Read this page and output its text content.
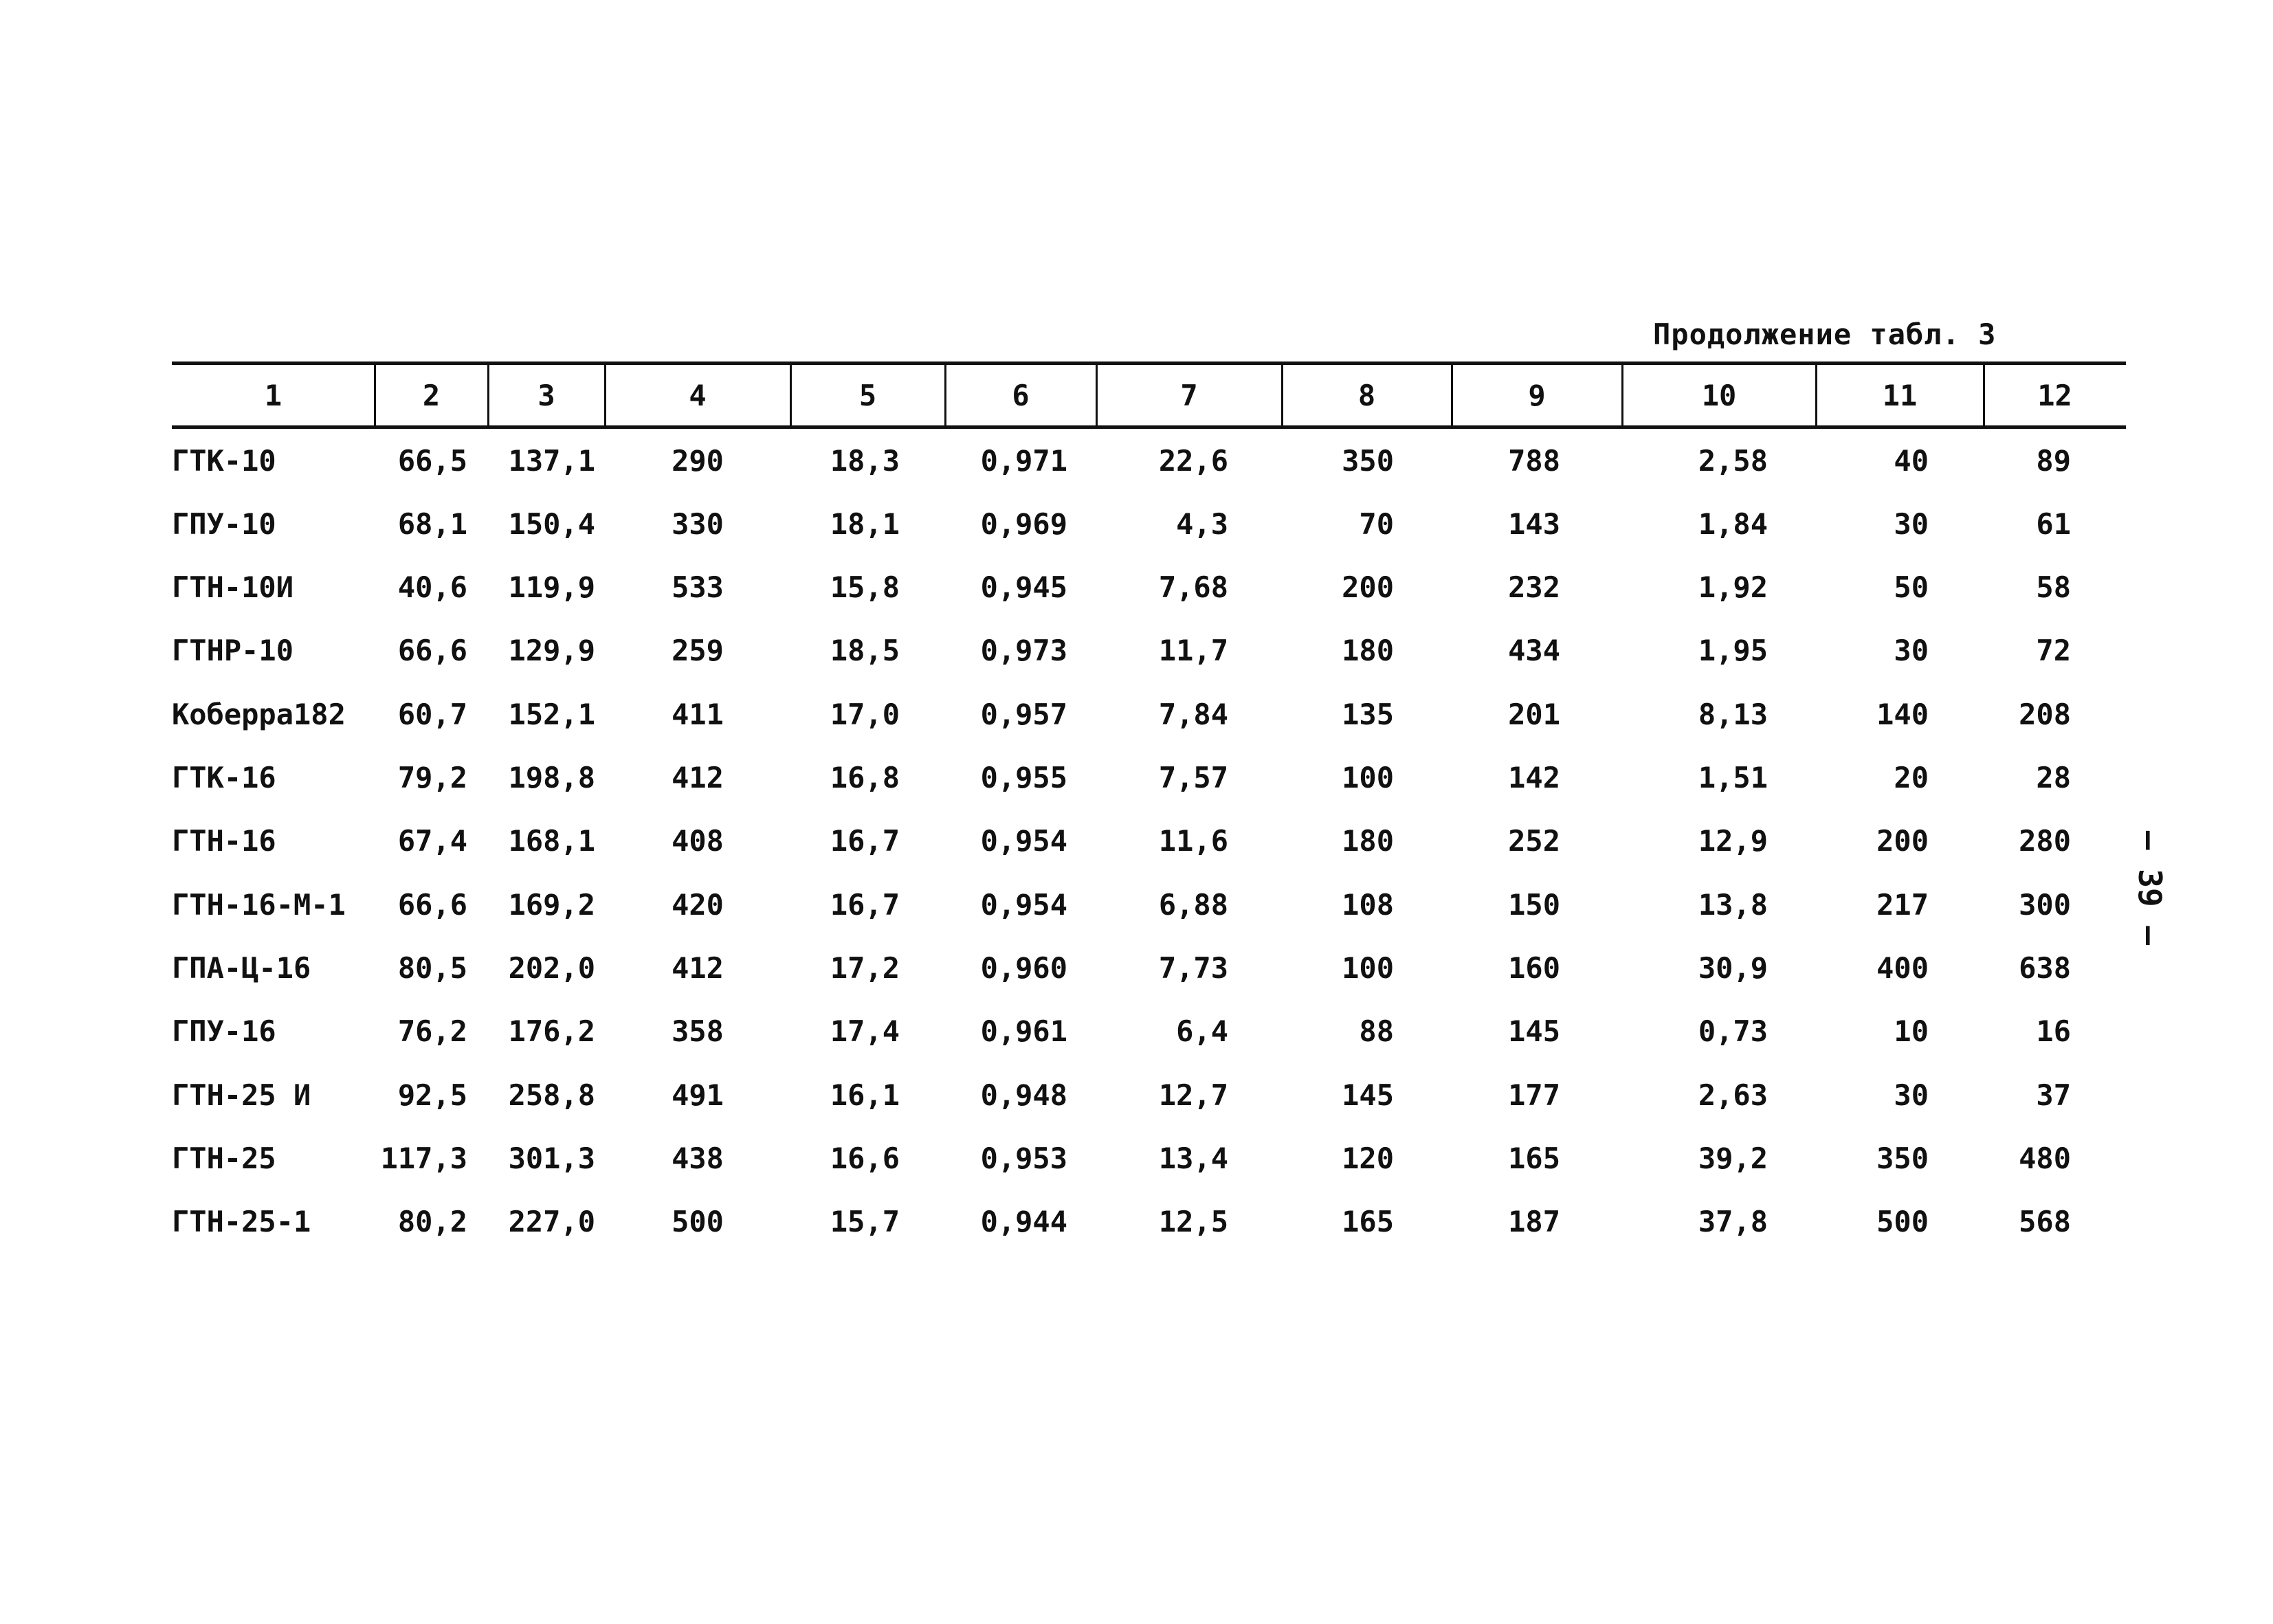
Продолжение табл. 3
1	2	3	4	5	6	7	8	9	10	11	12
ГТК-10	66,5	137,1	290	18,3	0,971	22,6	350	788	2,58	40	89
ГПУ-10	68,1	150,4	330	18,1	0,969	4,3	70	143	1,84	30	61
ГТН-10И	40,6	119,9	533	15,8	0,945	7,68	200	232	1,92	50	58
ГТНР-10	66,6	129,9	259	18,5	0,973	11,7	180	434	1,95	30	72
Коберра182	60,7	152,1	411	17,0	0,957	7,84	135	201	8,13	140	208
ГТК-16	79,2	198,8	412	16,8	0,955	7,57	100	142	1,51	20	28
ГТН-16	67,4	168,1	408	16,7	0,954	11,6	180	252	12,9	200	280
ГТН-16-М-1	66,6	169,2	420	16,7	0,954	6,88	108	150	13,8	217	300
ГПА-Ц-16	80,5	202,0	412	17,2	0,960	7,73	100	160	30,9	400	638
ГПУ-16	76,2	176,2	358	17,4	0,961	6,4	88	145	0,73	10	16
ГТН-25 И	92,5	258,8	491	16,1	0,948	12,7	145	177	2,63	30	37
ГТН-25	117,3	301,3	438	16,6	0,953	13,4	120	165	39,2	350	480
ГТН-25-1	80,2	227,0	500	15,7	0,944	12,5	165	187	37,8	500	568
– 39 –
